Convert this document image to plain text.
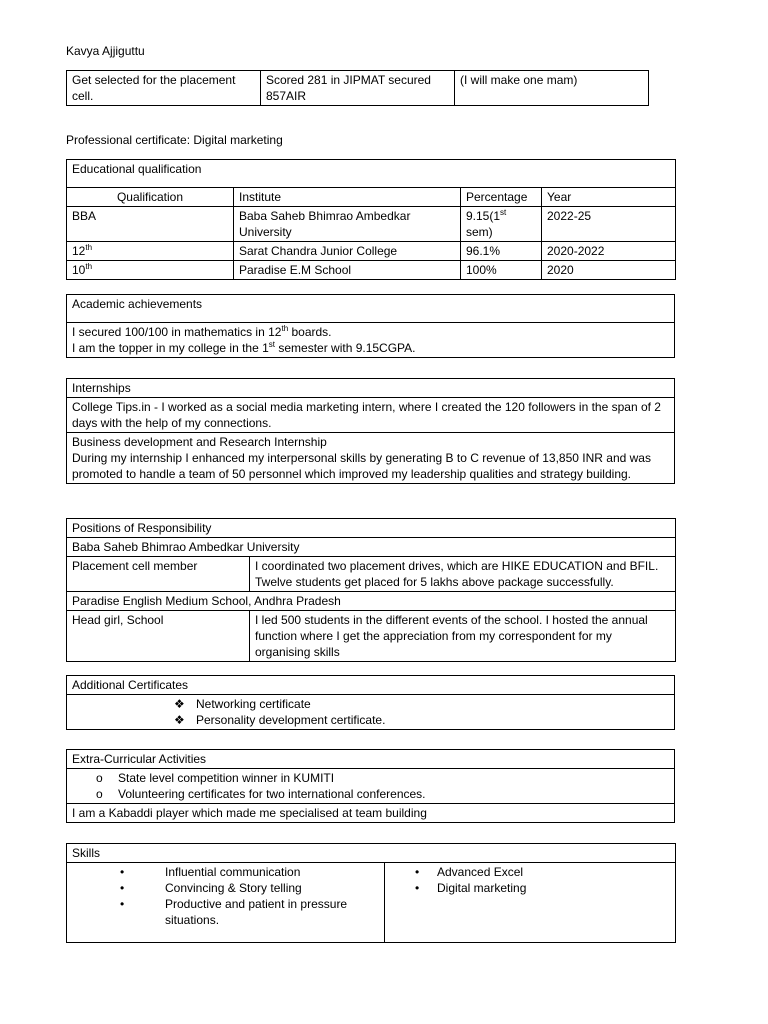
Kavya Ajjiguttu
Get selected for the placement cell.	Scored 281 in JIPMAT secured 857AIR	(I will make one mam)
Professional certificate: Digital marketing
Educational qualification			
Qualification	Institute	Percentage	Year
BBA	Baba Saheb Bhimrao Ambedkar University	9.15(1st sem)	2022-25
12th	Sarat Chandra Junior College	96.1%	2020-2022
10th	Paradise E.M School	100%	2020
Academic achievements

I secured 100/100 in mathematics in 12th boards.
I am the topper in my college in the 1st semester with 9.15CGPA.
Internships
College Tips.in - I worked as a social media marketing intern, where I created the 120 followers in the span of 2 days with the help of my connections.

Business development and Research Internship
During my internship I enhanced my interpersonal skills by generating B to C revenue of 13,850 INR and was promoted to handle a team of 50 personnel which improved my leadership qualities and strategy building.
Positions of Responsibility	
Baba Saheb Bhimrao Ambedkar University	
Placement cell member	I coordinated two placement drives, which are HIKE EDUCATION and BFIL. Twelve students get placed for 5 lakhs above package successfully.
Paradise English Medium School, Andhra Pradesh	
Head girl, School	I led 500 students in the different events of the school. I hosted the annual function where I get the appreciation from my correspondent for my organising skills
Additional Certificates

❖ Networking certificate
❖ Personality development certificate.
Extra-Curricular Activities

o State level competition winner in KUMITI
o Volunteering certificates for two international conferences.

I am a Kabaddi player which made me specialised at team building
Skills

•	Influential communication
•	Convincing & Story telling
•	Productive and patient in pressure situations.

• Advanced Excel
• Digital marketing
